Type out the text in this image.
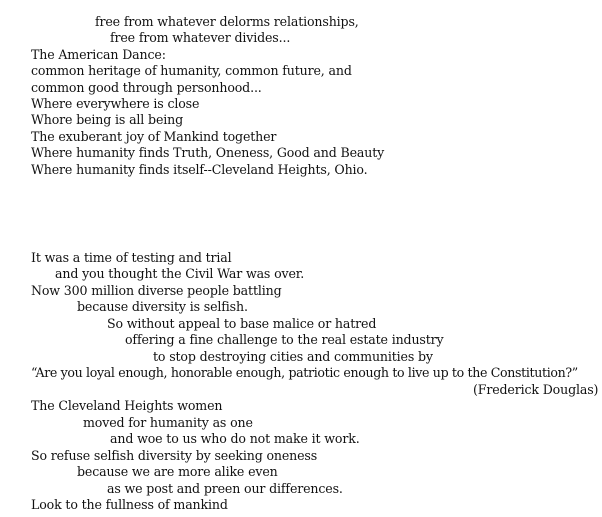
free from whatever delorms relationships,
free from whatever divides...
The American Dance:
common heritage of humanity, common future, and
common good through personhood...
Where everywhere is close
Whore being is all being
The exuberant joy of Mankind together
Where humanity finds Truth, Oneness, Good and Beauty
Where humanity finds itself--Cleveland Heights, Ohio.
It was a time of testing and trial
and you thought the Civil War was over.
Now 300 million diverse people battling
because diversity is selfish.
So without appeal to base malice or hatred
offering a fine challenge to the real estate industry
to stop destroying cities and communities by
“Are you loyal enough, honorable enough, patriotic enough to live up to the Constitution?”
(Frederick Douglas)
The Cleveland Heights women
moved for humanity as one
and woe to us who do not make it work.
So refuse selfish diversity by seeking oneness
because we are more alike even
as we post and preen our differences.
Look to the fullness of mankind
